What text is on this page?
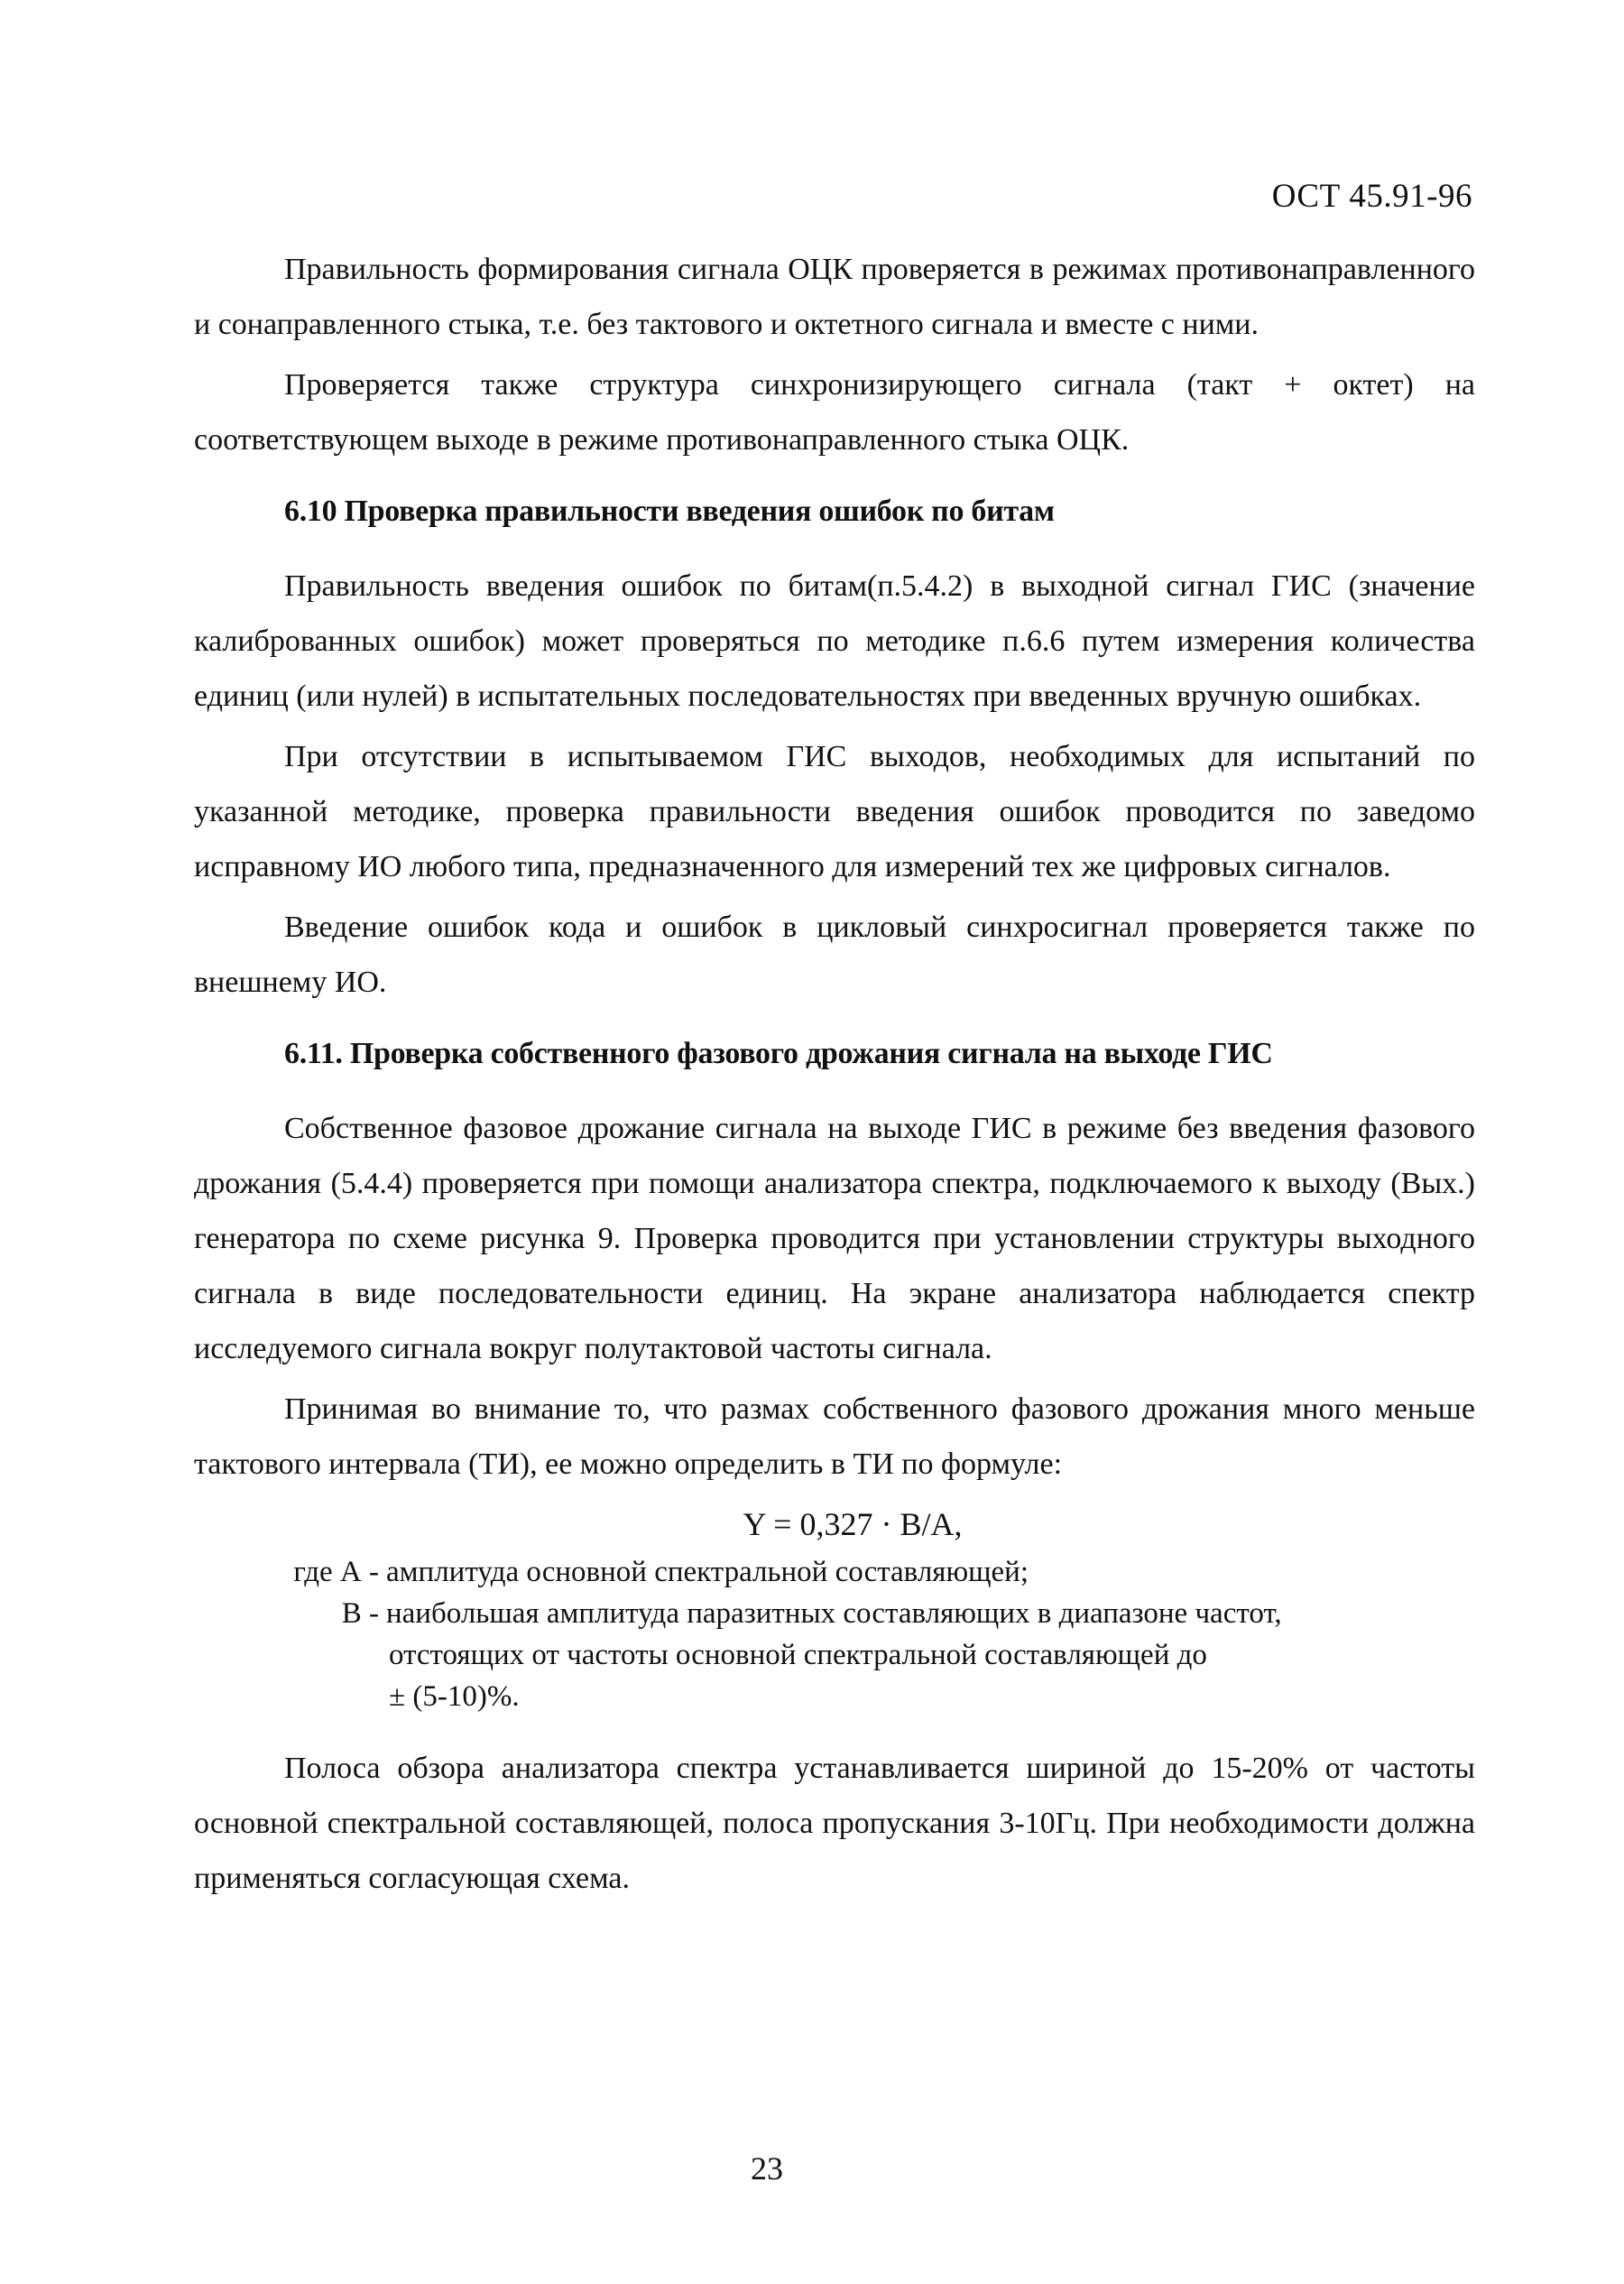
ОСТ 45.91-96

Правильность формирования сигнала ОЦК проверяется в режимах противонаправленного и сонаправленного стыка, т.е. без тактового и октетного сигнала и вместе с ними.

Проверяется также структура синхронизирующего сигнала (такт + октет) на соответствующем выходе в режиме противонаправленного стыка ОЦК.

6.10 Проверка правильности введения ошибок по битам

Правильность введения ошибок по битам(п.5.4.2) в выходной сигнал ГИС (значение калиброванных ошибок) может проверяться по методике п.6.6 путем измерения количества единиц (или нулей) в испытательных последовательностях при введенных вручную ошибках.

При отсутствии в испытываемом ГИС выходов, необходимых для испытаний по указанной методике, проверка правильности введения ошибок проводится по заведомо исправному ИО любого типа, предназначенного для измерений тех же цифровых сигналов.

Введение ошибок кода и ошибок в цикловый синхросигнал проверяется также по внешнему ИО.

6.11. Проверка собственного фазового дрожания сигнала на выходе ГИС

Собственное фазовое дрожание сигнала на выходе ГИС в режиме без введения фазового дрожания (5.4.4) проверяется при помощи анализатора спектра, подключаемого к выходу (Вых.) генератора по схеме рисунка 9. Проверка проводится при установлении структуры выходного сигнала в виде последовательности единиц. На экране анализатора наблюдается спектр исследуемого сигнала вокруг полутактовой частоты сигнала.

Принимая во внимание то, что размах собственного фазового дрожания много меньше тактового интервала (ТИ), ее можно определить в ТИ по формуле:

Y = 0,327 · B/A,
где А - амплитуда основной спектральной составляющей;
В - наибольшая амплитуда паразитных составляющих в диапазоне частот,
отстоящих от частоты основной спектральной составляющей до
± (5-10)%.

Полоса обзора анализатора спектра устанавливается шириной до 15-20% от частоты основной спектральной составляющей, полоса пропускания 3-10Гц. При необходимости должна применяться согласующая схема.

23
